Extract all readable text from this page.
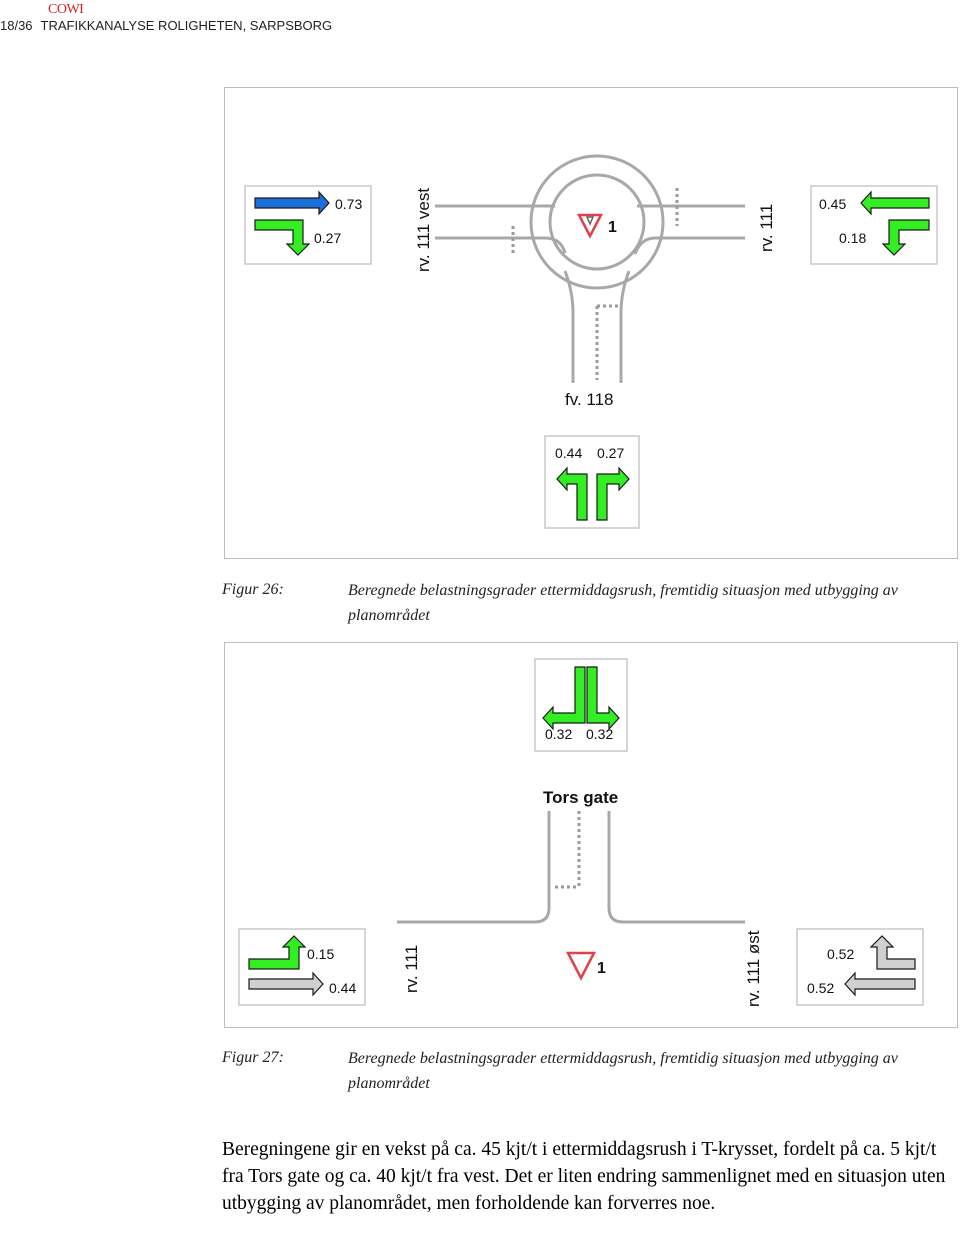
COWI
18/36 TRAFIKKANALYSE ROLIGHETEN, SARPSBORG
1
rv. 111 vest	rv. 111
fv. 118
0.73
0.27
0.45
0.18
0.44 0.27
Figur 26:	Beregnede belastningsgrader ettermiddagsrush, fremtidig situasjon med utbygging av planområdet
Tors gate
rv. 111	rv. 111 øst
1
0.32 0.32
0.15
0.44
0.52
0.52
Figur 27:	Beregnede belastningsgrader ettermiddagsrush, fremtidig situasjon med utbygging av planområdet
Beregningene gir en vekst på ca. 45 kjt/t i ettermiddagsrush i T-krysset, fordelt på ca. 5 kjt/t fra Tors gate og ca. 40 kjt/t fra vest. Det er liten endring sammenlignet med en situasjon uten utbygging av planområdet, men forholdende kan forverres noe.
